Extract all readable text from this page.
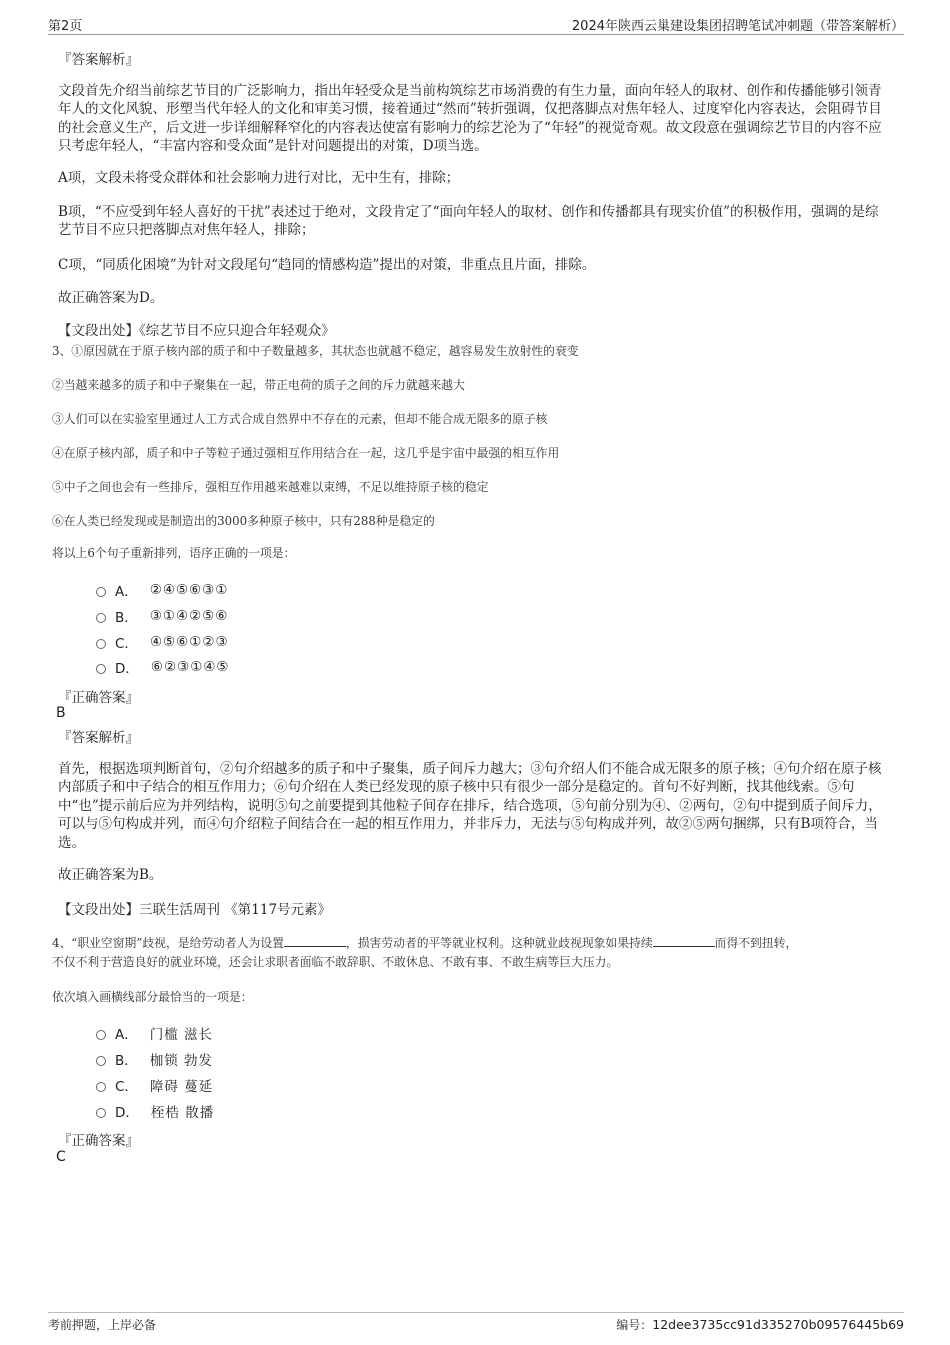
第2页	2024年陕西云巢建设集团招聘笔试冲刺题（带答案解析）
『答案解析』
文段首先介绍当前综艺节目的广泛影响力，指出年轻受众是当前构筑综艺市场消费的有生力量，面向年轻人的取材、创作和传播能够引领青年人的文化风貌、形塑当代年轻人的文化和审美习惯，接着通过“然而”转折强调，仅把落脚点对焦年轻人、过度窄化内容表达，会阻碍节目的社会意义生产，后文进一步详细解释窄化的内容表达使富有影响力的综艺沦为了“年轻”的视觉奇观。故文段意在强调综艺节目的内容不应只考虑年轻人，“丰富内容和受众面”是针对问题提出的对策，D项当选。
A项，文段未将受众群体和社会影响力进行对比，无中生有，排除；
B项，“不应受到年轻人喜好的干扰”表述过于绝对，文段肯定了“面向年轻人的取材、创作和传播都具有现实价值”的积极作用，强调的是综艺节目不应只把落脚点对焦年轻人，排除；
C项，“同质化困境”为针对文段尾句“趋同的情感构造”提出的对策，非重点且片面，排除。
故正确答案为D。
【文段出处】《综艺节目不应只迎合年轻观众》
3、①原因就在于原子核内部的质子和中子数量越多，其状态也就越不稳定，越容易发生放射性的衰变
②当越来越多的质子和中子聚集在一起，带正电荷的质子之间的斥力就越来越大
③人们可以在实验室里通过人工方式合成自然界中不存在的元素，但却不能合成无限多的原子核
④在原子核内部，质子和中子等粒子通过强相互作用结合在一起，这几乎是宇宙中最强的相互作用
⑤中子之间也会有一些排斥，强相互作用越来越难以束缚，不足以维持原子核的稳定
⑥在人类已经发现或是制造出的3000多种原子核中，只有288种是稳定的
将以上6个句子重新排列，语序正确的一项是：
A． ②④⑤⑥③①
B． ③①④②⑤⑥
C． ④⑤⑥①②③
D． ⑥②③①④⑤
『正确答案』
B
『答案解析』
首先，根据选项判断首句，②句介绍越多的质子和中子聚集，质子间斥力越大；③句介绍人们不能合成无限多的原子核；④句介绍在原子核内部质子和中子结合的相互作用力；⑥句介绍在人类已经发现的原子核中只有很少一部分是稳定的。首句不好判断，找其他线索。⑤句中“也”提示前后应为并列结构，说明⑤句之前要提到其他粒子间存在排斥，结合选项，⑤句前分别为④、②两句，②句中提到质子间斥力，可以与⑤句构成并列，而④句介绍粒子间结合在一起的相互作用力，并非斥力，无法与⑤句构成并列，故②⑤两句捆绑，只有B项符合，当选。
故正确答案为B。
【文段出处】三联生活周刊 《第117号元素》
4、“职业空窗期”歧视，是给劳动者人为设置	，损害劳动者的平等就业权利。这种就业歧视现象如果持续	而得不到扭转，
不仅不利于营造良好的就业环境，还会让求职者面临不敢辞职、不敢休息、不敢有事、不敢生病等巨大压力。
依次填入画横线部分最恰当的一项是：
A． 门槛 滋长
B． 枷锁 勃发
C． 障碍 蔓延
D． 桎梏 散播
『正确答案』
C
考前押题，上岸必备	编号：12dee3735cc91d335270b09576445b69
